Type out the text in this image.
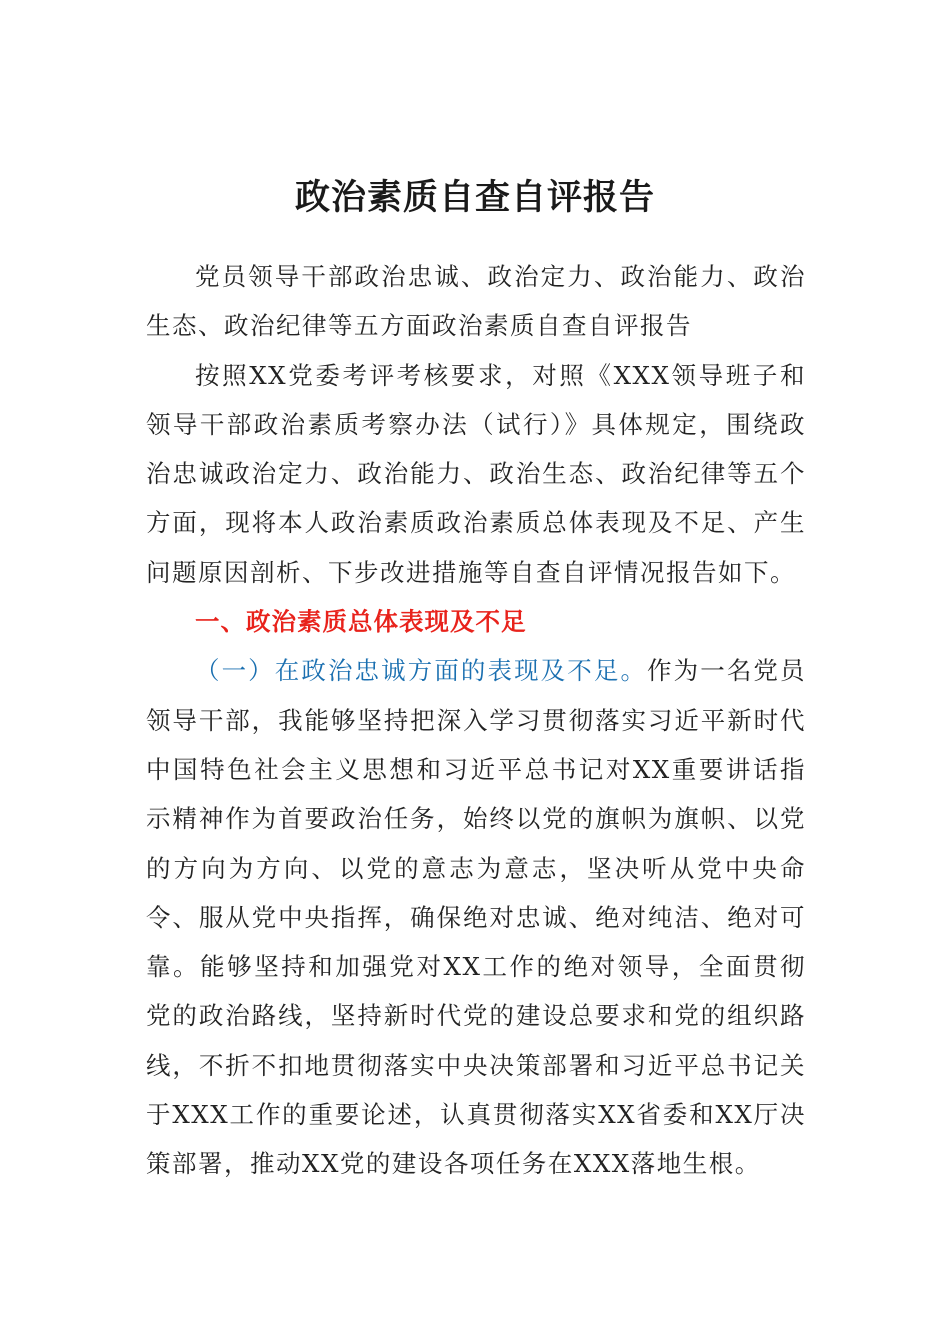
政治素质自查自评报告

党员领导干部政治忠诚、政治定力、政治能力、政治生态、政治纪律等五方面政治素质自查自评报告

按照XX党委考评考核要求，对照《XXX领导班子和领导干部政治素质考察办法（试行）》具体规定，围绕政治忠诚政治定力、政治能力、政治生态、政治纪律等五个方面，现将本人政治素质政治素质总体表现及不足、产生问题原因剖析、下步改进措施等自查自评情况报告如下。

一、政治素质总体表现及不足

（一）在政治忠诚方面的表现及不足。作为一名党员领导干部，我能够坚持把深入学习贯彻落实习近平新时代中国特色社会主义思想和习近平总书记对XX重要讲话指示精神作为首要政治任务，始终以党的旗帜为旗帜、以党的方向为方向、以党的意志为意志，坚决听从党中央命令、服从党中央指挥，确保绝对忠诚、绝对纯洁、绝对可靠。能够坚持和加强党对XX工作的绝对领导，全面贯彻党的政治路线，坚持新时代党的建设总要求和党的组织路线，不折不扣地贯彻落实中央决策部署和习近平总书记关于XXX工作的重要论述，认真贯彻落实XX省委和XX厅决策部署，推动XX党的建设各项任务在XXX落地生根。
